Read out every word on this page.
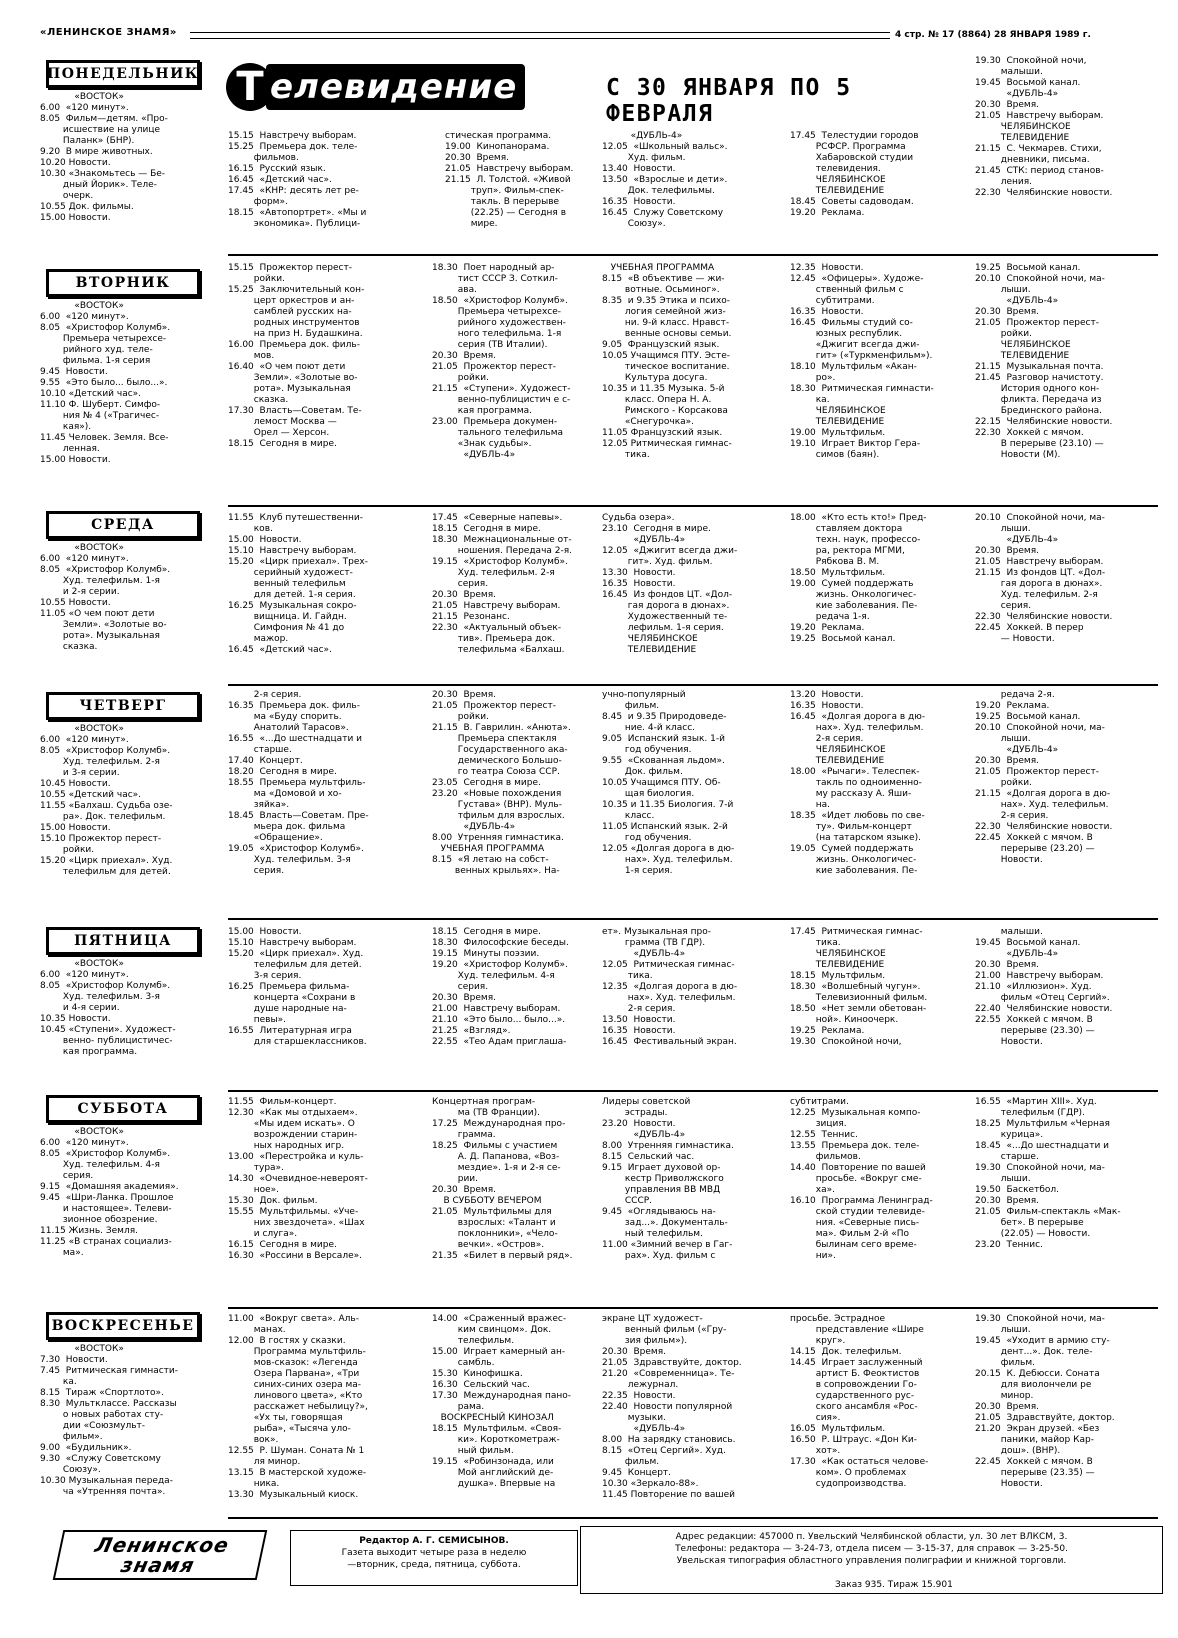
«ЛЕНИНСКОЕ ЗНАМЯ»	4 стр. № 17 (8864) 28 ЯНВАРЯ 1989 г.
Т елевидение	С 30 ЯНВАРЯ ПО 5 ФЕВРАЛЯ
19.30  Спокойной ночи,
малыши.
19.45  Восьмой канал.
«ДУБЛЬ-4»
20.30  Время.
21.05  Навстречу выборам.
ЧЕЛЯБИНСКОЕ
ТЕЛЕВИДЕНИЕ
21.15  С. Чекмарев. Стихи,
дневники, письма.
21.45  СТК: период станов-
ления.
22.30  Челябинские новости.
ПОНЕДЕЛЬНИК
«ВОСТОК»
6.00  «120 минут».
8.05  Фильм—детям. «Про-
исшествие на улице
Паланк» (БНР).
9.20  В мире животных.
10.20 Новости.
10.30 «Знакомьтесь — Бе-
дный Йорик». Теле-
очерк.
10.55 Док. фильмы.
15.00 Новости.
15.15  Навстречу выборам.
15.25  Премьера док. теле-
фильмов.
16.15  Русский язык.
16.45  «Детский час».
17.45  «КНР: десять лет ре-
форм».
18.15  «Автопортрет». «Мы и
экономика». Публици-
стическая программа.
19.00  Кинопанорама.
20.30  Время.
21.05  Навстречу выборам.
21.15  Л. Толстой. «Живой
труп». Фильм-спек-
такль. В перерыве
(22.25) — Сегодня в
мире.
«ДУБЛЬ-4»
12.05  «Школьный вальс».
Худ. фильм.
13.40  Новости.
13.50  «Взрослые и дети».
Док. телефильмы.
16.35  Новости.
16.45  Служу Советскому
Союзу».
17.45  Телестудии городов
РСФСР. Программа
Хабаровской студии
телевидения.
ЧЕЛЯБИНСКОЕ
ТЕЛЕВИДЕНИЕ
18.45  Советы садоводам.
19.20  Реклама.
ВТОРНИК
«ВОСТОК»
6.00  «120 минут».
8.05  «Христофор Колумб».
Премьера четырехсе-
рийного худ. теле-
фильма. 1-я серия
9.45  Новости.
9.55  «Это было... было...».
10.10 «Детский час».
11.10 Ф. Шуберт. Симфо-
ния № 4 («Трагичес-
кая»).
11.45 Человек. Земля. Все-
ленная.
15.00 Новости.
15.15  Прожектор перест-
ройки.
15.25  Заключительный кон-
церт оркестров и ан-
самблей русских на-
родных инструментов
на приз Н. Будашкина.
16.00  Премьера док. филь-
мов.
16.40  «О чем поют дети
Земли». «Золотые во-
рота». Музыкальная
сказка.
17.30  Власть—Советам. Те-
лемост Москва —
Орел — Херсон.
18.15  Сегодня в мире.
18.30  Поет народный ар-
тист СССР З. Соткил-
ава.
18.50  «Христофор Колумб».
Премьера четырехсе-
рийного художествен-
ного телефильма. 1-я
серия (ТВ Италии).
20.30  Время.
21.05  Прожектор перест-
ройки.
21.15  «Ступени». Художест-
венно-публицистич е с-
кая программа.
23.00  Премьера докумен-
тального телефильма
«Знак судьбы».
«ДУБЛЬ-4»
УЧЕБНАЯ ПРОГРАММА
8.15  «В объективе — жи-
вотные. Осьминог».
8.35  и 9.35 Этика и психо-
логия семейной жиз-
ни. 9-й класс. Нравст-
венные основы семьи.
9.05  Французский язык.
10.05 Учащимся ПТУ. Эсте-
тическое воспитание.
Культура досуга.
10.35 и 11.35 Музыка. 5-й
класс. Опера Н. А.
Римского - Корсакова
«Снегурочка».
11.05 Французский язык.
12.05 Ритмическая гимнас-
тика.
12.35  Новости.
12.45  «Офицеры». Художе-
ственный фильм с
субтитрами.
16.35  Новости.
16.45  Фильмы студий со-
юзных республик.
«Джигит всегда джи-
гит» («Туркменфильм»).
18.10  Мультфильм «Акан-
ро».
18.30  Ритмическая гимнасти-
ка.
ЧЕЛЯБИНСКОЕ
ТЕЛЕВИДЕНИЕ
19.00  Мультфильм.
19.10  Играет Виктор Гера-
симов (баян).
19.25  Восьмой канал.
20.10  Спокойной ночи, ма-
лыши.
«ДУБЛЬ-4»
20.30  Время.
21.05  Прожектор перест-
ройки.
ЧЕЛЯБИНСКОЕ
ТЕЛЕВИДЕНИЕ
21.15  Музыкальная почта.
21.45  Разговор начистоту.
История одного кон-
фликта. Передача из
Брединского района.
22.15  Челябинские новости.
22.30  Хоккей с мячом.
В перерыве (23.10) —
Новости (М).
СРЕДА
«ВОСТОК»
6.00  «120 минут».
8.05  «Христофор Колумб».
Худ. телефильм. 1-я
и 2-я серии.
10.55 Новости.
11.05 «О чем поют дети
Земли». «Золотые во-
рота». Музыкальная
сказка.
11.55  Клуб путешественни-
ков.
15.00  Новости.
15.10  Навстречу выборам.
15.20  «Цирк приехал». Трех-
серийный художест-
венный телефильм
для детей. 1-я серия.
16.25  Музыкальная сокро-
вищница. И. Гайдн.
Симфония № 41 до
мажор.
16.45  «Детский час».
17.45  «Северные напевы».
18.15  Сегодня в мире.
18.30  Межнациональные от-
ношения. Передача 2-я.
19.15  «Христофор Колумб».
Худ. телефильм. 2-я
серия.
20.30  Время.
21.05  Навстречу выборам.
21.15  Резонанс.
22.30  «Актуальный объек-
тив». Премьера док.
телефильма «Балхаш.
Судьба озера».
23.10  Сегодня в мире.
«ДУБЛЬ-4»
12.05  «Джигит всегда джи-
гит». Худ. фильм.
13.30  Новости.
16.35  Новости.
16.45  Из фондов ЦТ. «Дол-
гая дорога в дюнах».
Художественный те-
лефильм. 1-я серия.
ЧЕЛЯБИНСКОЕ
ТЕЛЕВИДЕНИЕ
18.00  «Кто есть кто!» Пред-
ставляем доктора
техн. наук, профессо-
ра, ректора МГМИ,
Рябкова В. М.
18.50  Мультфильм.
19.00  Сумей поддержать
жизнь. Онкологичес-
кие заболевания. Пе-
редача 1-я.
19.20  Реклама.
19.25  Восьмой канал.
20.10  Спокойной ночи, ма-
лыши.
«ДУБЛЬ-4»
20.30  Время.
21.05  Навстречу выборам.
21.15  Из фондов ЦТ. «Дол-
гая дорога в дюнах».
Худ. телефильм. 2-я
серия.
22.30  Челябинские новости.
22.45  Хоккей. В перер
— Новости.
ЧЕТВЕРГ
«ВОСТОК»
6.00  «120 минут».
8.05  «Христофор Колумб».
Худ. телефильм. 2-я
и 3-я серии.
10.45 Новости.
10.55 «Детский час».
11.55 «Балхаш. Судьба озе-
ра». Док. телефильм.
15.00 Новости.
15.10 Прожектор перест-
ройки.
15.20 «Цирк приехал». Худ.
телефильм для детей.
2-я серия.
16.35  Премьера док. филь-
ма «Буду спорить.
Анатолий Тарасов».
16.55  «...До шестнадцати и
старше.
17.40  Концерт.
18.20  Сегодня в мире.
18.55  Премьера мультфиль-
ма «Домовой и хо-
зяйка».
18.45  Власть—Советам. Пре-
мьера док. фильма
«Обращение».
19.05  «Христофор Колумб».
Худ. телефильм. 3-я
серия.
20.30  Время.
21.05  Прожектор перест-
ройки.
21.15  В. Гаврилин. «Анюта».
Премьера спектакля
Государственного ака-
демического Большо-
го театра Союза ССР.
23.05  Сегодня в мире.
23.20  «Новые похождения
Густава» (ВНР). Муль-
тфильм для взрослых.
«ДУБЛЬ-4»
8.00  Утренняя гимнастика.
УЧЕБНАЯ ПРОГРАММА
8.15  «Я летаю на собст-
венных крыльях». На-
учно-популярный
фильм.
8.45  и 9.35 Природоведе-
ние. 4-й класс.
9.05  Испанский язык. 1-й
год обучения.
9.55  «Скованная льдом».
Док. фильм.
10.05 Учащимся ПТУ. Об-
щая биология.
10.35 и 11.35 Биология. 7-й
класс.
11.05 Испанский язык. 2-й
год обучения.
12.05 «Долгая дорога в дю-
нах». Худ. телефильм.
1-я серия.
13.20  Новости.
16.35  Новости.
16.45  «Долгая дорога в дю-
нах». Худ. телефильм.
2-я серия.
ЧЕЛЯБИНСКОЕ
ТЕЛЕВИДЕНИЕ
18.00  «Рычаги». Телеспек-
такль по одноименно-
му рассказу А. Яши-
на.
18.35  «Идет любовь по све-
ту». Фильм-концерт
(на татарском языке).
19.05  Сумей поддержать
жизнь. Онкологичес-
кие заболевания. Пе-
редача 2-я.
19.20  Реклама.
19.25  Восьмой канал.
20.10  Спокойной ночи, ма-
лыши.
«ДУБЛЬ-4»
20.30  Время.
21.05  Прожектор перест-
ройки.
21.15  «Долгая дорога в дю-
нах». Худ. телефильм.
2-я серия.
22.30  Челябинские новости.
22.45  Хоккей с мячом. В
перерыве (23.20) —
Новости.
ПЯТНИЦА
«ВОСТОК»
6.00  «120 минут».
8.05  «Христофор Колумб».
Худ. телефильм. 3-я
и 4-я серии.
10.35 Новости.
10.45 «Ступени». Художест-
венно- публицистичес-
кая программа.
15.00  Новости.
15.10  Навстречу выборам.
15.20  «Цирк приехал». Худ.
телефильм для детей.
3-я серия.
16.25  Премьера фильма-
концерта «Сохрани в
душе народные на-
певы».
16.55  Литературная игра
для старшеклассников.
18.15  Сегодня в мире.
18.30  Философские беседы.
19.15  Минуты поэзии.
19.20  «Христофор Колумб».
Худ. телефильм. 4-я
серия.
20.30  Время.
21.00  Навстречу выборам.
21.10  «Это было... было...».
21.25  «Взгляд».
22.55  «Тео Адам приглаша-
ет». Музыкальная про-
грамма (ТВ ГДР).
«ДУБЛЬ-4»
12.05  Ритмическая гимнас-
тика.
12.35  «Долгая дорога в дю-
нах». Худ. телефильм.
2-я серия.
13.50  Новости.
16.35  Новости.
16.45  Фестивальный экран.
17.45  Ритмическая гимнас-
тика.
ЧЕЛЯБИНСКОЕ
ТЕЛЕВИДЕНИЕ
18.15  Мультфильм.
18.30  «Волшебный чугун».
Телевизионный фильм.
18.50  «Нет земли обетован-
ной». Киноочерк.
19.25  Реклама.
19.30  Спокойной ночи,
малыши.
19.45  Восьмой канал.
«ДУБЛЬ-4»
20.30  Время.
21.00  Навстречу выборам.
21.10  «Иллюзион». Худ.
фильм «Отец Сергий».
22.40  Челябинские новости.
22.55  Хоккей с мячом. В
перерыве (23.30) —
Новости.
СУББОТА
«ВОСТОК»
6.00  «120 минут».
8.05  «Христофор Колумб».
Худ. телефильм. 4-я
серия.
9.15  «Домашняя академия».
9.45  «Шри-Ланка. Прошлое
и настоящее». Телеви-
зионное обозрение.
11.15 Жизнь. Земля.
11.25 «В странах социализ-
ма».
11.55  Фильм-концерт.
12.30  «Как мы отдыхаем».
«Мы идем искать». О
возрождении старин-
ных народных игр.
13.00  «Перестройка и куль-
тура».
14.30  «Очевидное-невероят-
ное».
15.30  Док. фильм.
15.55  Мультфильмы. «Уче-
них звездочета». «Шах
и слуга».
16.15  Сегодня в мире.
16.30  «Россини в Версале».
Концертная програм-
ма (ТВ Франции).
17.25  Международная про-
грамма.
18.25  Фильмы с участием
А. Д. Папанова, «Воз-
мездие». 1-я и 2-я се-
рии.
20.30  Время.
В СУББОТУ ВЕЧЕРОМ
21.05  Мультфильмы для
взрослых: «Талант и
поклонники», «Чело-
вечки». «Остров».
21.35  «Билет в первый ряд».
Лидеры советской
эстрады.
23.20  Новости.
«ДУБЛЬ-4»
8.00  Утренняя гимнастика.
8.15  Сельский час.
9.15  Играет духовой ор-
кестр Приволжского
управления ВВ МВД
СССР.
9.45  «Оглядываюсь на-
зад...». Документаль-
ный телефильм.
11.00 «Зимний вечер в Гаг-
рах». Худ. фильм с
субтитрами.
12.25  Музыкальная компо-
зиция.
12.55  Теннис.
13.55  Премьера док. теле-
фильмов.
14.40  Повторение по вашей
просьбе. «Вокруг сме-
ха».
16.10  Программа Ленинград-
ской студии телевиде-
ния. «Северные пись-
ма». Фильм 2-й «По
былинам сего време-
ни».
16.55  «Мартин XIII». Худ.
телефильм (ГДР).
18.25  Мультфильм «Черная
курица».
18.45  «...До шестнадцати и
старше.
19.30  Спокойной ночи, ма-
лыши.
19.50  Баскетбол.
20.30  Время.
21.05  Фильм-спектакль «Мак-
бет». В перерыве
(22.05) — Новости.
23.20  Теннис.
ВОСКРЕСЕНЬЕ
«ВОСТОК»
7.30  Новости.
7.45  Ритмическая гимнасти-
ка.
8.15  Тираж «Спортлото».
8.30  Мультклассе. Рассказы
о новых работах сту-
дии «Союзмульт-
фильм».
9.00  «Будильник».
9.30  «Служу Советскому
Союзу».
10.30 Музыкальная переда-
ча «Утренняя почта».
11.00  «Вокруг света». Аль-
манах.
12.00  В гостях у сказки.
Программа мультфиль-
мов-сказок: «Легенда
Озера Парвана», «Три
синих-синих озера ма-
линового цвета», «Кто
расскажет небылицу?»,
«Ух ты, говорящая
рыба», «Тысяча уло-
вок».
12.55  Р. Шуман. Соната № 1
ля минор.
13.15  В мастерской художе-
ника.
13.30  Музыкальный киоск.
14.00  «Сраженный вражес-
ким свинцом». Док.
телефильм.
15.00  Играет камерный ан-
самбль.
15.30  Кинофишка.
16.30  Сельский час.
17.30  Международная пано-
рама.
ВОСКРЕСНЫЙ КИНОЗАЛ
18.15  Мультфильм. «Своя-
ки». Короткометраж-
ный фильм.
19.15  «Робинзонада, или
Мой английский де-
душка». Впервые на
экране ЦТ художест-
венный фильм («Гру-
зия фильм»).
20.30  Время.
21.05  Здравствуйте, доктор.
21.20  «Современница». Те-
лежурнал.
22.35  Новости.
22.40  Новости популярной
музыки.
«ДУБЛЬ-4»
8.00  На зарядку становись.
8.15  «Отец Сергий». Худ.
фильм.
9.45  Концерт.
10.30 «Зеркало-88».
11.45 Повторение по вашей
просьбе. Эстрадное
представление «Шире
круг».
14.15  Док. телефильм.
14.45  Играет заслуженный
артист Б. Феоктистов
в сопровождении Го-
сударственного рус-
ского ансамбля «Рос-
сия».
16.05  Мультфильм.
16.50  Р. Штраус. «Дон Ки-
хот».
17.30  «Как остаться челове-
ком». О проблемах
судопроизводства.
19.30  Спокойной ночи, ма-
лыши.
19.45  «Уходит в армию сту-
дент...». Док. теле-
фильм.
20.15  К. Дебюсси. Соната
для виолончели ре
минор.
20.30  Время.
21.05  Здравствуйте, доктор.
21.20  Экран друзей. «Без
паники, майор Кар-
дош». (ВНР).
22.45  Хоккей с мячом. В
перерыве (23.35) —
Новости.
Ленинское
знамя
Редактор А. Г. СЕМИСЫНОВ.
Газета выходит четыре раза в неделю
—вторник, среда, пятница, суббота.
Адрес редакции: 457000 п. Увельский Челябинской области, ул. 30 лет ВЛКСМ, 3.
Телефоны: редактора — 3-24-73, отдела писем — 3-15-37, для справок — 3-25-50.
Увельская типография областного управления полиграфии и книжной торговли.
Заказ 935. Тираж 15.901
